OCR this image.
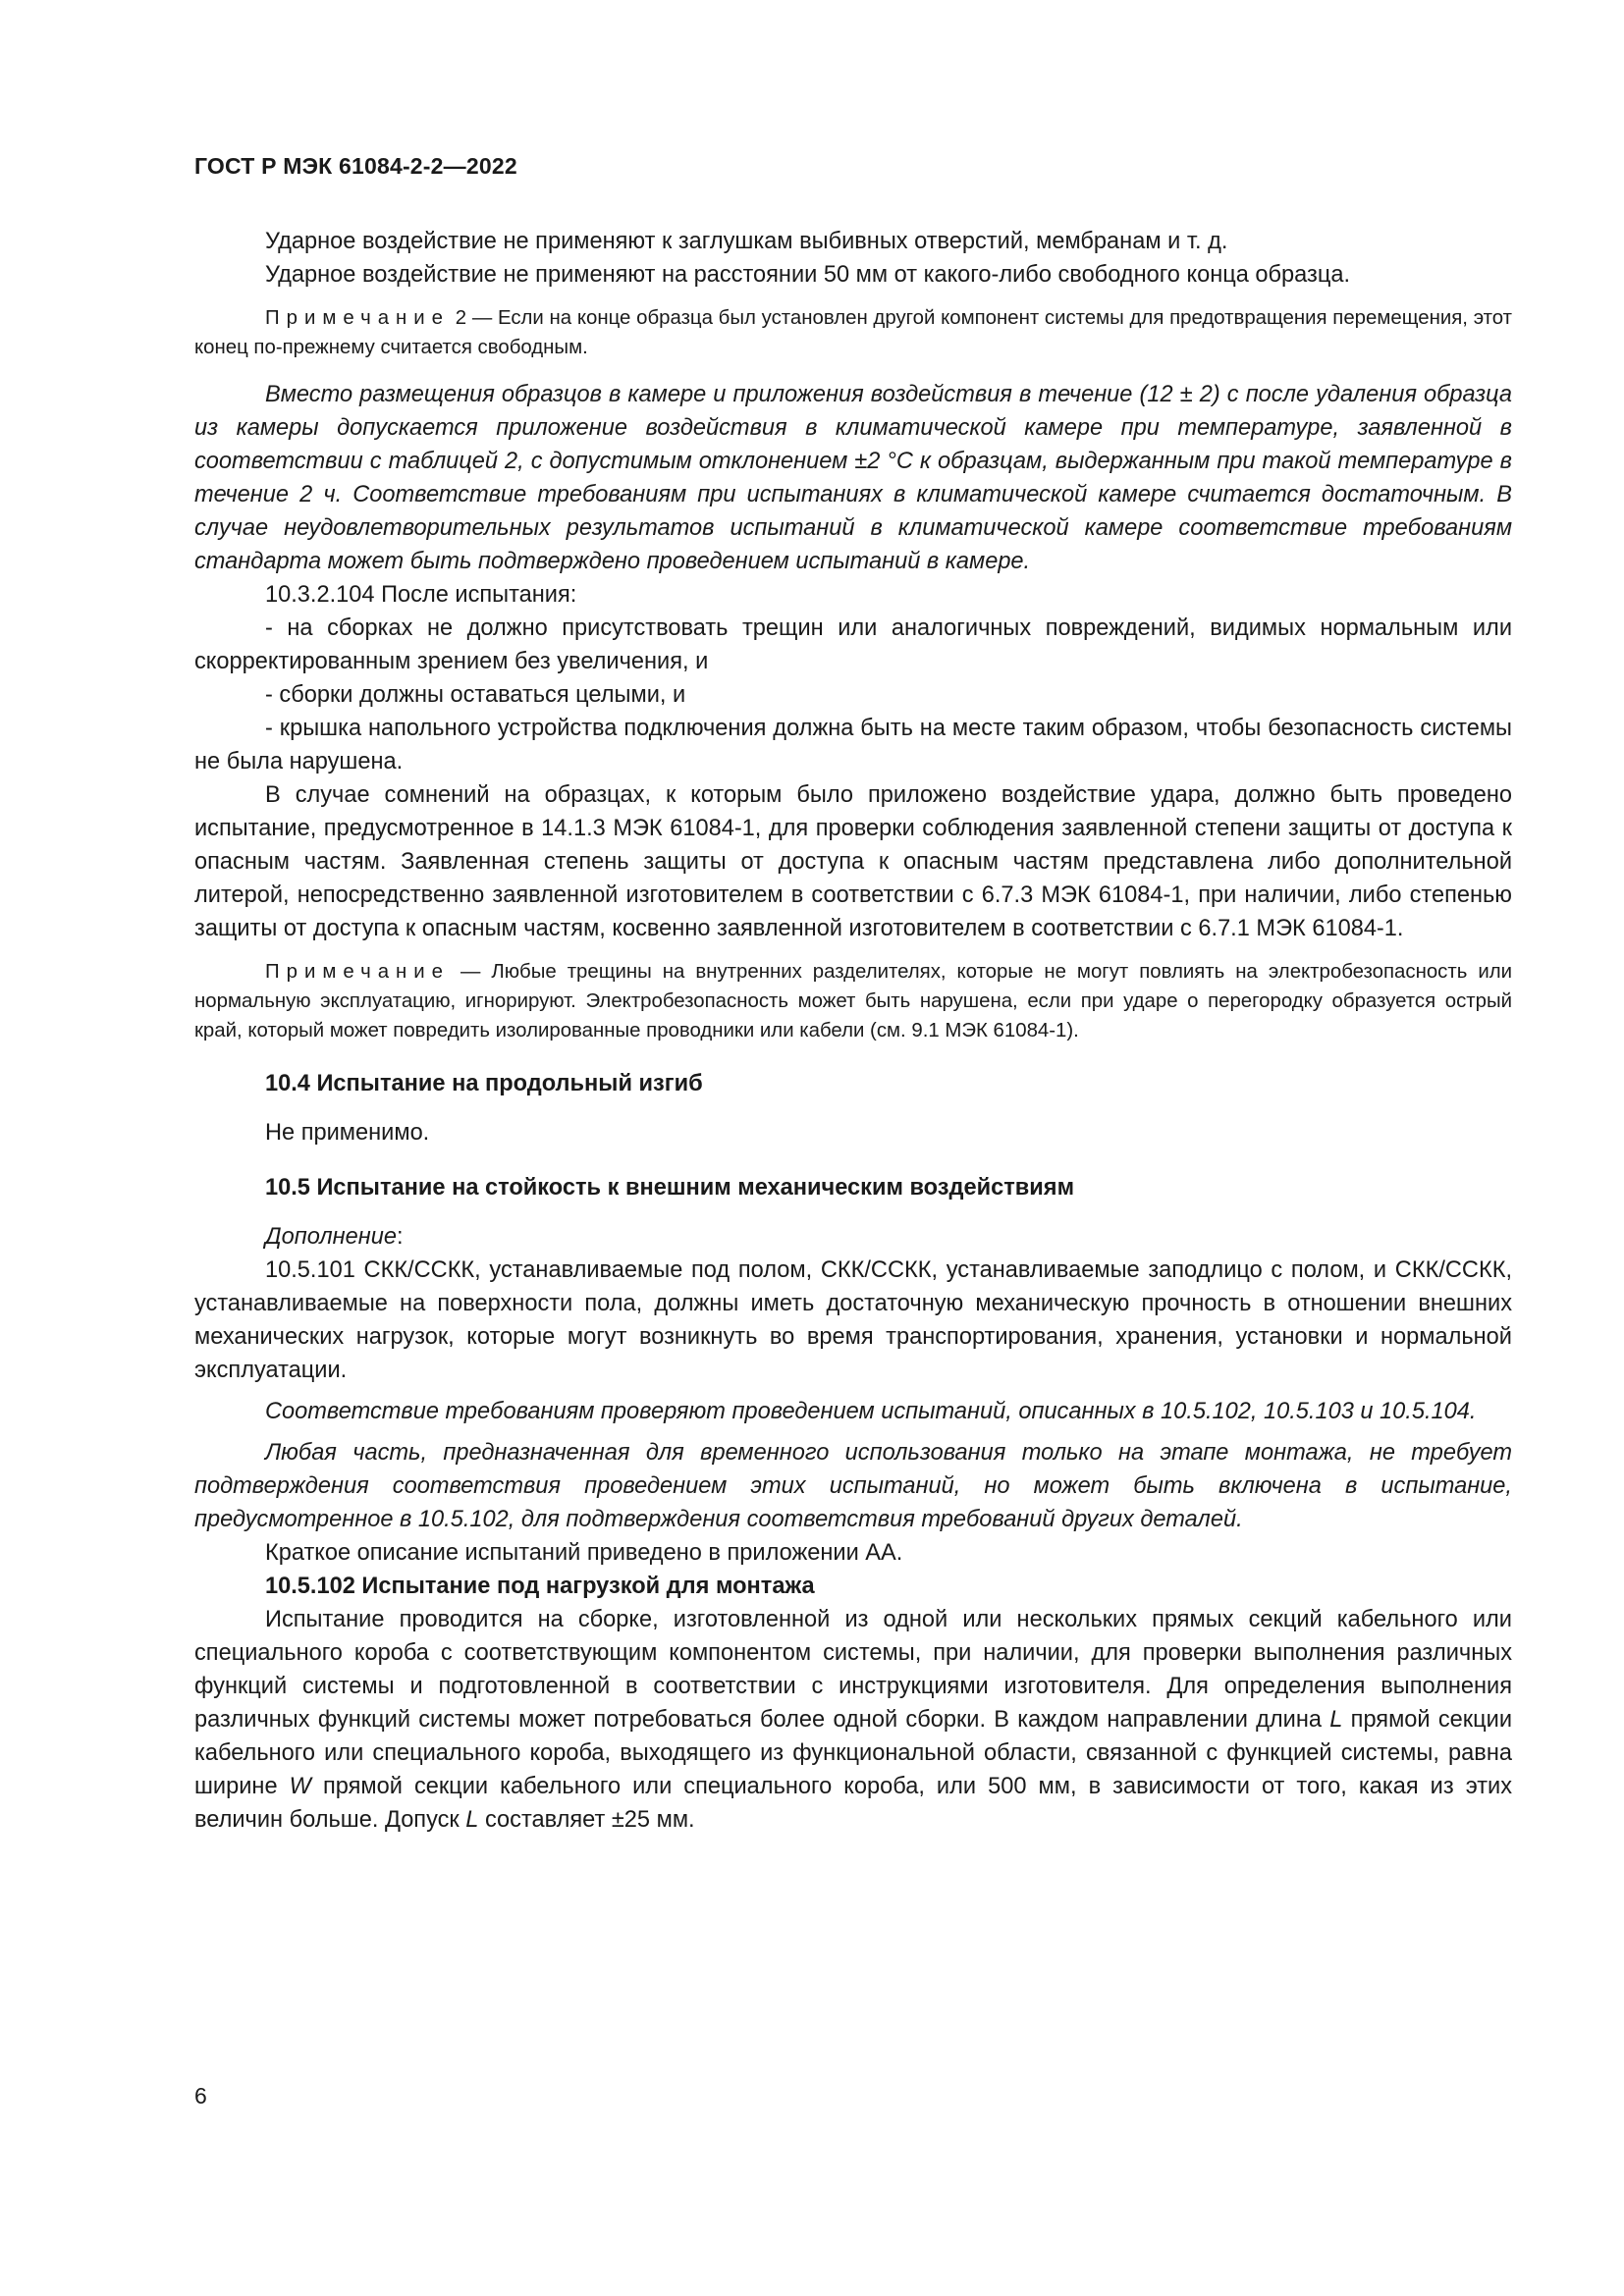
ГОСТ Р МЭК 61084-2-2—2022

Ударное воздействие не применяют к заглушкам выбивных отверстий, мембранам и т. д.

Ударное воздействие не применяют на расстоянии 50 мм от какого-либо свободного конца образца.

Примечание 2 — Если на конце образца был установлен другой компонент системы для предотвращения перемещения, этот конец по-прежнему считается свободным.

Вместо размещения образцов в камере и приложения воздействия в течение (12 ± 2) с после удаления образца из камеры допускается приложение воздействия в климатической камере при температуре, заявленной в соответствии с таблицей 2, с допустимым отклонением ±2 °С к образцам, выдержанным при такой температуре в течение 2 ч. Соответствие требованиям при испытаниях в климатической камере считается достаточным. В случае неудовлетворительных результатов испытаний в климатической камере соответствие требованиям стандарта может быть подтверждено проведением испытаний в камере.

10.3.2.104 После испытания:

- на сборках не должно присутствовать трещин или аналогичных повреждений, видимых нормальным или скорректированным зрением без увеличения, и

- сборки должны оставаться целыми, и

- крышка напольного устройства подключения должна быть на месте таким образом, чтобы безопасность системы не была нарушена.

В случае сомнений на образцах, к которым было приложено воздействие удара, должно быть проведено испытание, предусмотренное в 14.1.3 МЭК 61084-1, для проверки соблюдения заявленной степени защиты от доступа к опасным частям. Заявленная степень защиты от доступа к опасным частям представлена либо дополнительной литерой, непосредственно заявленной изготовителем в соответствии с 6.7.3 МЭК 61084-1, при наличии, либо степенью защиты от доступа к опасным частям, косвенно заявленной изготовителем в соответствии с 6.7.1 МЭК 61084-1.

Примечание — Любые трещины на внутренних разделителях, которые не могут повлиять на электробезопасность или нормальную эксплуатацию, игнорируют. Электробезопасность может быть нарушена, если при ударе о перегородку образуется острый край, который может повредить изолированные проводники или кабели (см. 9.1 МЭК 61084-1).
10.4 Испытание на продольный изгиб

Не применимо.

10.5 Испытание на стойкость к внешним механическим воздействиям

Дополнение:

10.5.101 СКК/ССКК, устанавливаемые под полом, СКК/ССКК, устанавливаемые заподлицо с полом, и СКК/ССКК, устанавливаемые на поверхности пола, должны иметь достаточную механическую прочность в отношении внешних механических нагрузок, которые могут возникнуть во время транспортирования, хранения, установки и нормальной эксплуатации.

Соответствие требованиям проверяют проведением испытаний, описанных в 10.5.102, 10.5.103 и 10.5.104.

Любая часть, предназначенная для временного использования только на этапе монтажа, не требует подтверждения соответствия проведением этих испытаний, но может быть включена в испытание, предусмотренное в 10.5.102, для подтверждения соответствия требований других деталей.

Краткое описание испытаний приведено в приложении АА.

10.5.102 Испытание под нагрузкой для монтажа

Испытание проводится на сборке, изготовленной из одной или нескольких прямых секций кабельного или специального короба с соответствующим компонентом системы, при наличии, для проверки выполнения различных функций системы и подготовленной в соответствии с инструкциями изготовителя. Для определения выполнения различных функций системы может потребоваться более одной сборки. В каждом направлении длина L прямой секции кабельного или специального короба, выходящего из функциональной области, связанной с функцией системы, равна ширине W прямой секции кабельного или специального короба, или 500 мм, в зависимости от того, какая из этих величин больше. Допуск L составляет ±25 мм.

6
